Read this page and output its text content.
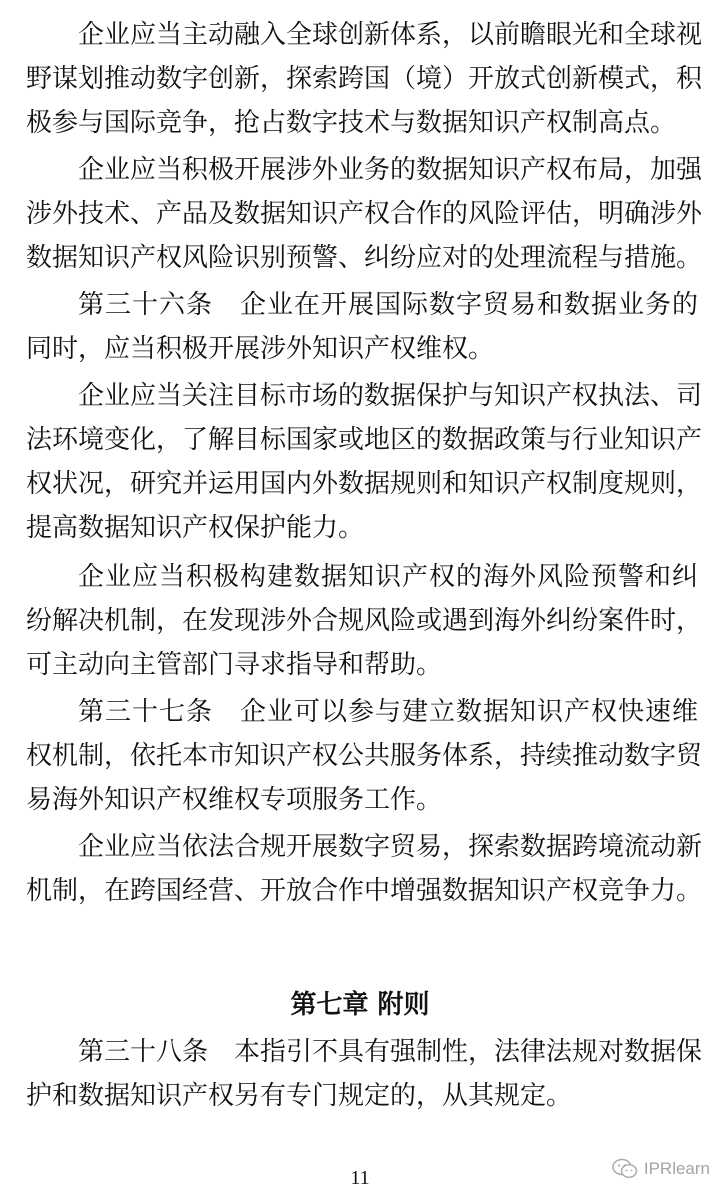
企业应当主动融入全球创新体系，以前瞻眼光和全球视
野谋划推动数字创新，探索跨国（境）开放式创新模式，积
极参与国际竞争，抢占数字技术与数据知识产权制高点。
企业应当积极开展涉外业务的数据知识产权布局，加强
涉外技术、产品及数据知识产权合作的风险评估，明确涉外
数据知识产权风险识别预警、纠纷应对的处理流程与措施。
第三十六条　企业在开展国际数字贸易和数据业务的
同时，应当积极开展涉外知识产权维权。
企业应当关注目标市场的数据保护与知识产权执法、司
法环境变化，了解目标国家或地区的数据政策与行业知识产
权状况，研究并运用国内外数据规则和知识产权制度规则，
提高数据知识产权保护能力。
企业应当积极构建数据知识产权的海外风险预警和纠
纷解决机制，在发现涉外合规风险或遇到海外纠纷案件时，
可主动向主管部门寻求指导和帮助。
第三十七条　企业可以参与建立数据知识产权快速维
权机制，依托本市知识产权公共服务体系，持续推动数字贸
易海外知识产权维权专项服务工作。
企业应当依法合规开展数字贸易，探索数据跨境流动新
机制，在跨国经营、开放合作中增强数据知识产权竞争力。
第七章 附则
第三十八条　本指引不具有强制性，法律法规对数据保
护和数据知识产权另有专门规定的，从其规定。
11	IPRlearn
